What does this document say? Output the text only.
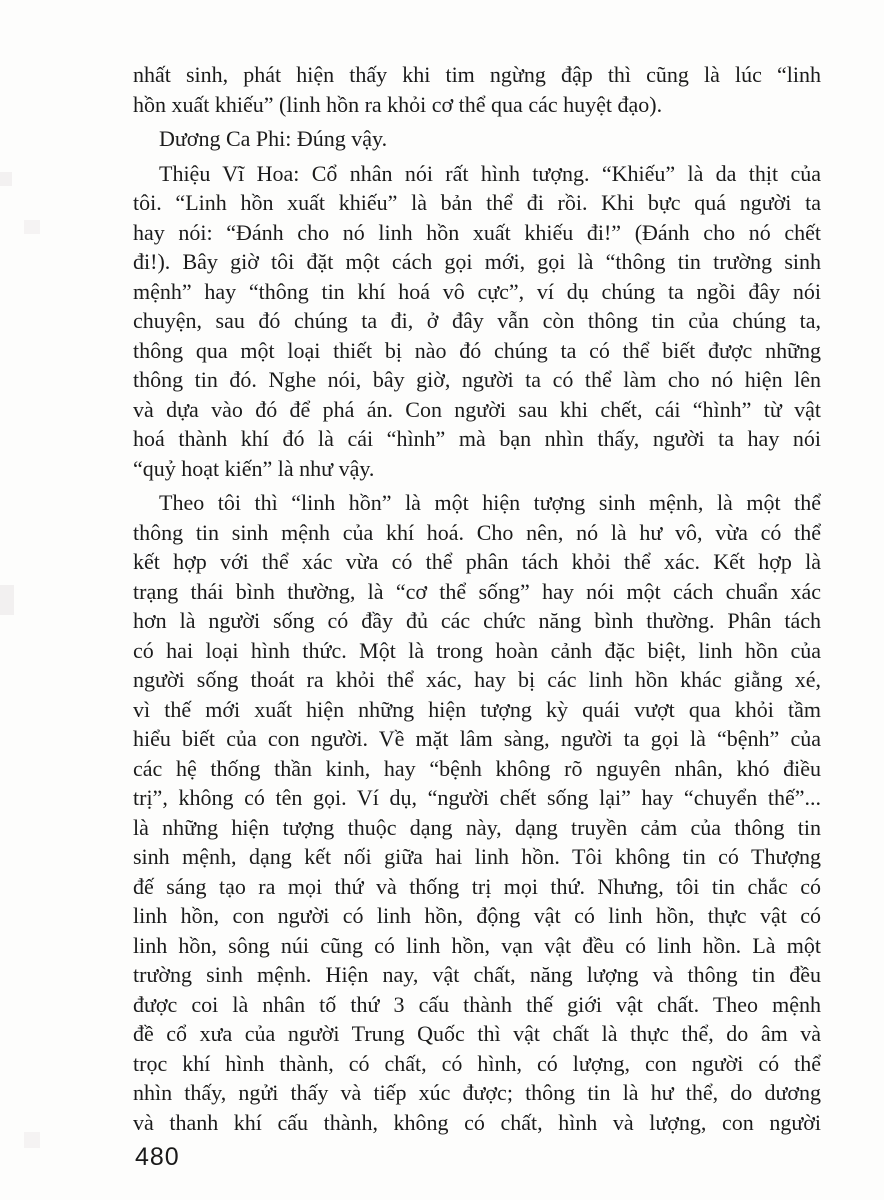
nhất sinh, phát hiện thấy khi tim ngừng đập thì cũng là lúc “linh
hồn xuất khiếu” (linh hồn ra khỏi cơ thể qua các huyệt đạo).
Dương Ca Phi: Đúng vậy.
Thiệu Vĩ Hoa: Cổ nhân nói rất hình tượng. “Khiếu” là da thịt của
tôi. “Linh hồn xuất khiếu” là bản thể đi rồi. Khi bực quá người ta
hay nói: “Đánh cho nó linh hồn xuất khiếu đi!” (Đánh cho nó chết
đi!). Bây giờ tôi đặt một cách gọi mới, gọi là “thông tin trường sinh
mệnh” hay “thông tin khí hoá vô cực”, ví dụ chúng ta ngồi đây nói
chuyện, sau đó chúng ta đi, ở đây vẫn còn thông tin của chúng ta,
thông qua một loại thiết bị nào đó chúng ta có thể biết được những
thông tin đó. Nghe nói, bây giờ, người ta có thể làm cho nó hiện lên
và dựa vào đó để phá án. Con người sau khi chết, cái “hình” từ vật
hoá thành khí đó là cái “hình” mà bạn nhìn thấy, người ta hay nói
“quỷ hoạt kiến” là như vậy.
Theo tôi thì “linh hồn” là một hiện tượng sinh mệnh, là một thể
thông tin sinh mệnh của khí hoá. Cho nên, nó là hư vô, vừa có thể
kết hợp với thể xác vừa có thể phân tách khỏi thể xác. Kết hợp là
trạng thái bình thường, là “cơ thể sống” hay nói một cách chuẩn xác
hơn là người sống có đầy đủ các chức năng bình thường. Phân tách
có hai loại hình thức. Một là trong hoàn cảnh đặc biệt, linh hồn của
người sống thoát ra khỏi thể xác, hay bị các linh hồn khác giằng xé,
vì thế mới xuất hiện những hiện tượng kỳ quái vượt qua khỏi tầm
hiểu biết của con người. Về mặt lâm sàng, người ta gọi là “bệnh” của
các hệ thống thần kinh, hay “bệnh không rõ nguyên nhân, khó điều
trị”, không có tên gọi. Ví dụ, “người chết sống lại” hay “chuyển thế”...
là những hiện tượng thuộc dạng này, dạng truyền cảm của thông tin
sinh mệnh, dạng kết nối giữa hai linh hồn. Tôi không tin có Thượng
đế sáng tạo ra mọi thứ và thống trị mọi thứ. Nhưng, tôi tin chắc có
linh hồn, con người có linh hồn, động vật có linh hồn, thực vật có
linh hồn, sông núi cũng có linh hồn, vạn vật đều có linh hồn. Là một
trường sinh mệnh. Hiện nay, vật chất, năng lượng và thông tin đều
được coi là nhân tố thứ 3 cấu thành thế giới vật chất. Theo mệnh
đề cổ xưa của người Trung Quốc thì vật chất là thực thể, do âm và
trọc khí hình thành, có chất, có hình, có lượng, con người có thể
nhìn thấy, ngửi thấy và tiếp xúc được; thông tin là hư thể, do dương
và thanh khí cấu thành, không có chất, hình và lượng, con người
480
